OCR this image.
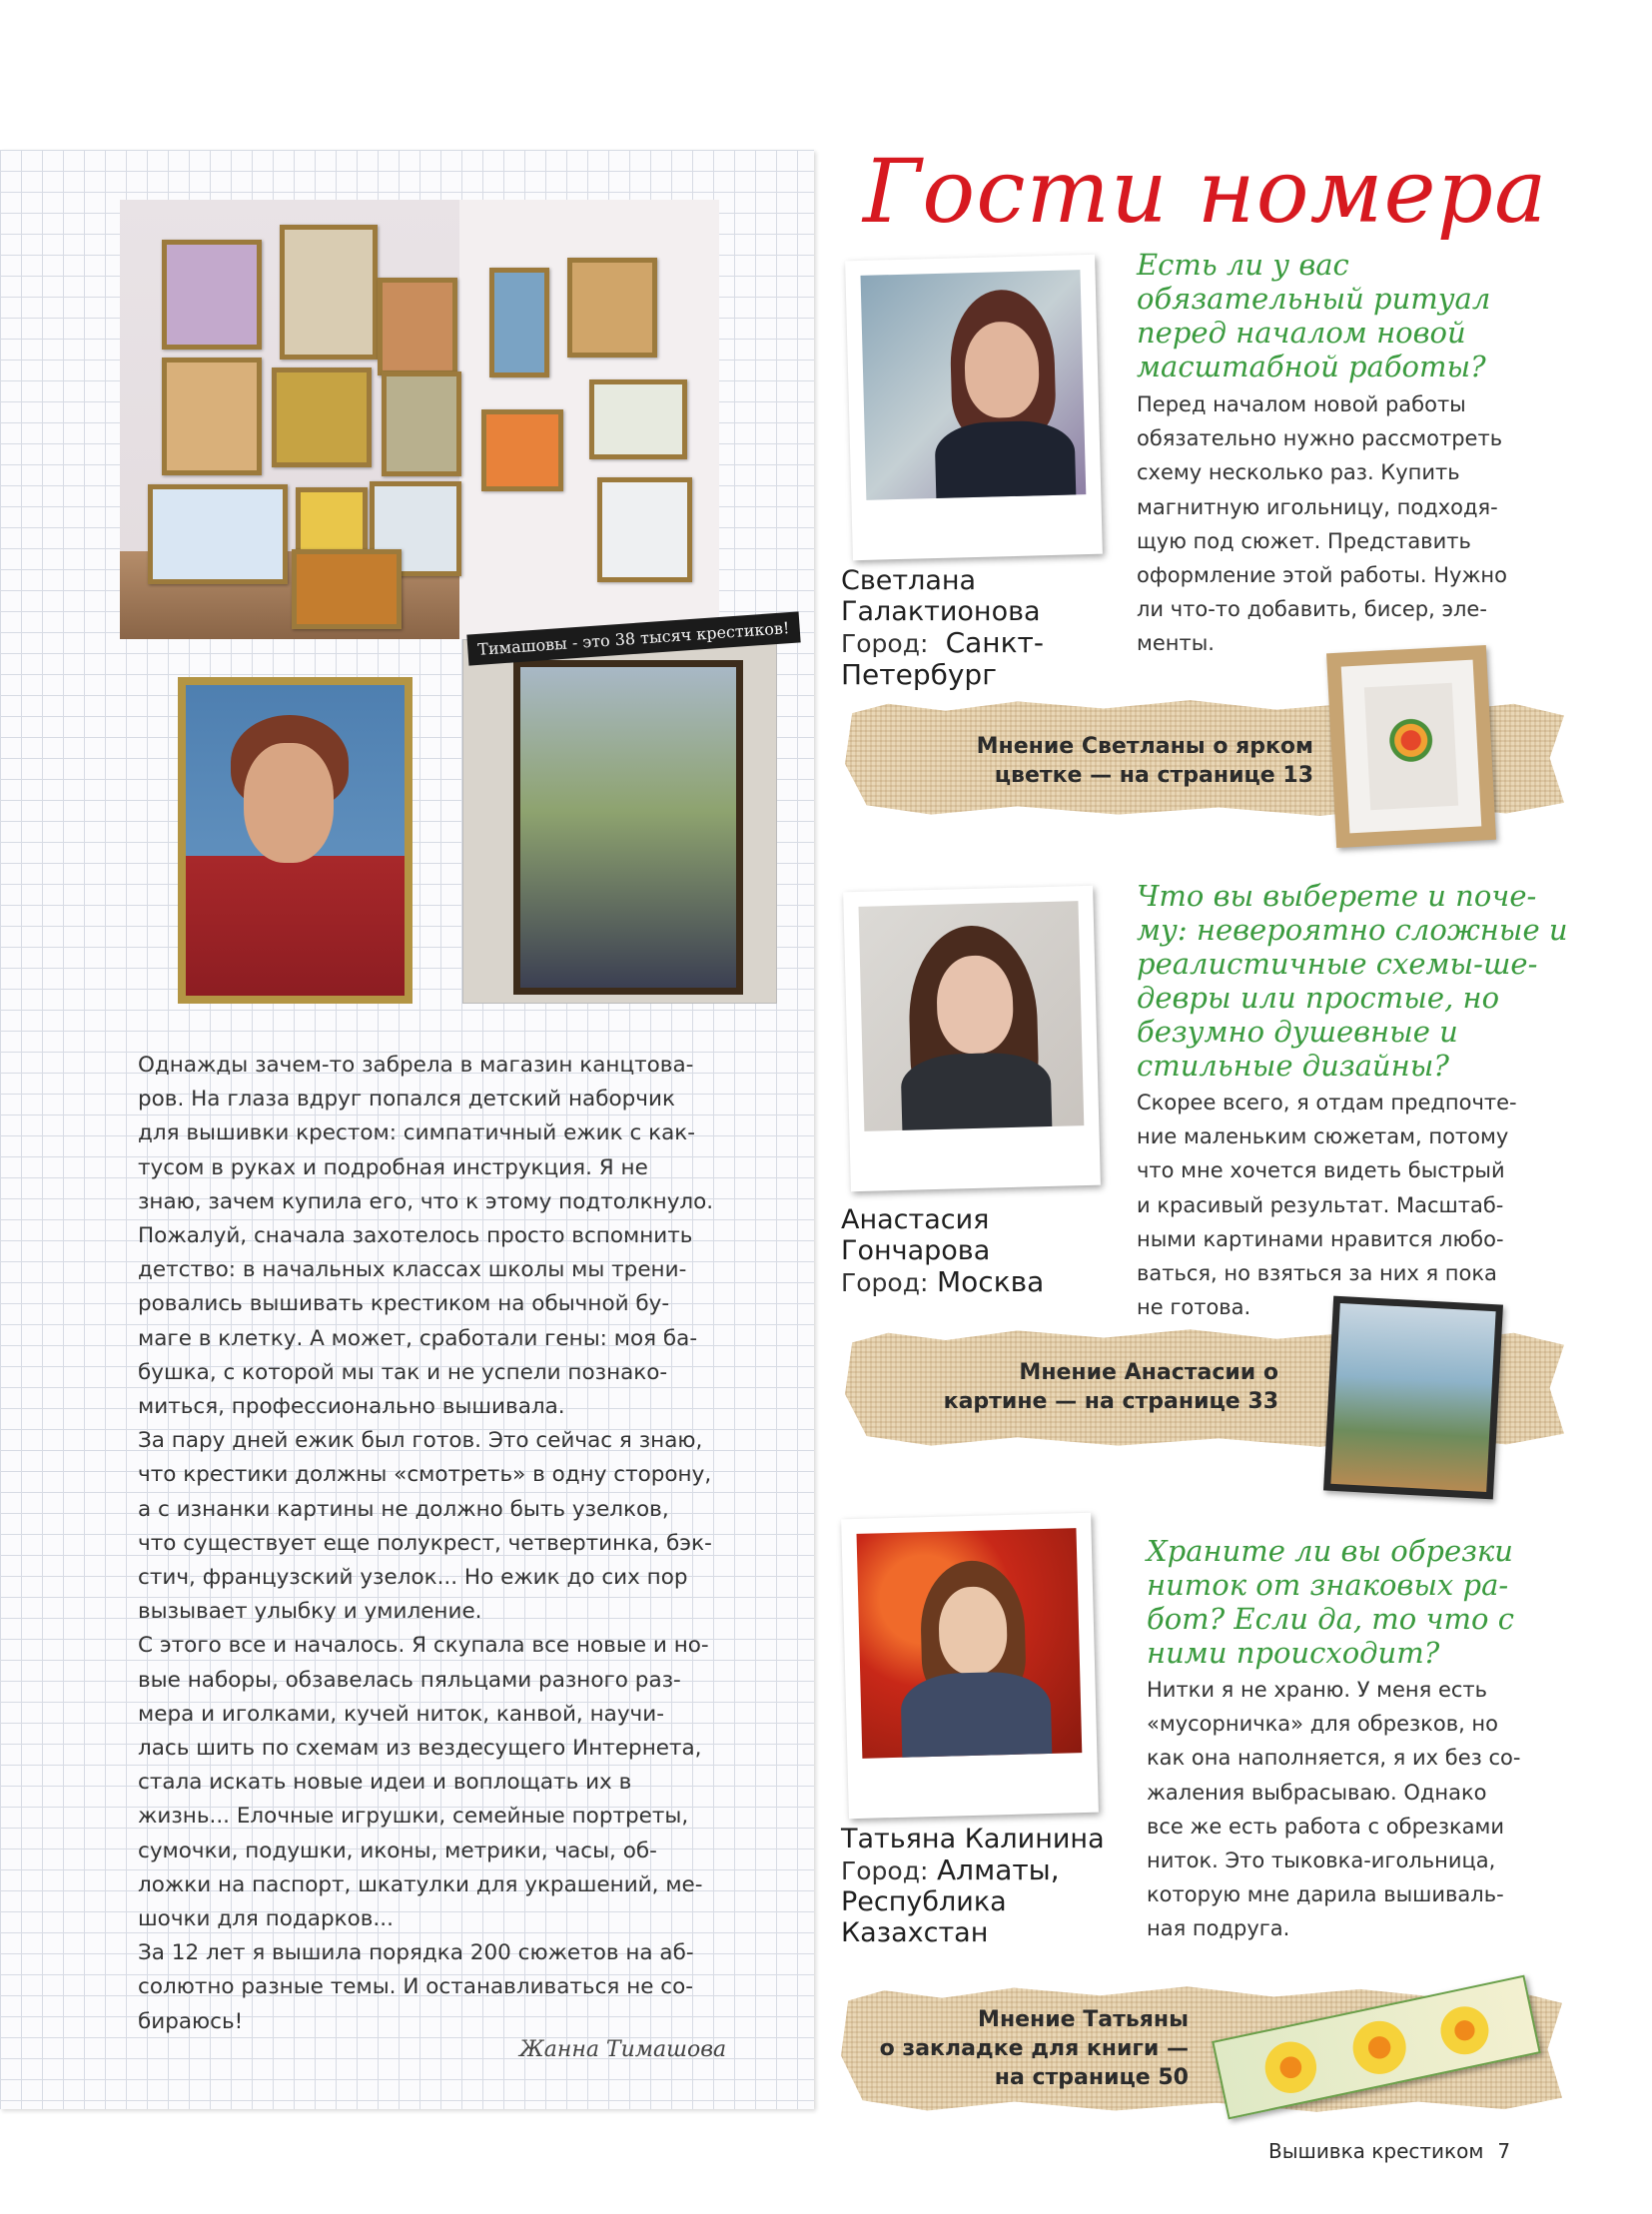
Тимашовы - это 38 тысяч крестиков!

Однажды зачем-то забрела в магазин канцтова-

ров. На глаза вдруг попался детский наборчик

для вышивки крестом: симпатичный ежик с как-

тусом в руках и подробная инструкция. Я не

знаю, зачем купила его, что к этому подтолкнуло.

Пожалуй, сначала захотелось просто вспомнить

детство: в начальных классах школы мы трени-

ровались вышивать крестиком на обычной бу-

маге в клетку. А может, сработали гены: моя ба-

бушка, с которой мы так и не успели познако-

миться, профессионально вышивала.

За пару дней ежик был готов. Это сейчас я знаю,

что крестики должны «смотреть» в одну сторону,

а с изнанки картины не должно быть узелков,

что существует еще полукрест, четвертинка, бэк-

стич, французский узелок... Но ежик до сих пор

вызывает улыбку и умиление.

С этого все и началось. Я скупала все новые и но-

вые наборы, обзавелась пяльцами разного раз-

мера и иголками, кучей ниток, канвой, научи-

лась шить по схемам из вездесущего Интернета,

стала искать новые идеи и воплощать их в

жизнь... Елочные игрушки, семейные портреты,

сумочки, подушки, иконы, метрики, часы, об-

ложки на паспорт, шкатулки для украшений, ме-

шочки для подарков...

За 12 лет я вышила порядка 200 сюжетов на аб-

солютно разные темы. И останавливаться не со-

бираюсь!

Жанна Тимашова
Гости номера
Светлана
Галактионова
Город: Санкт-
Петербург
Есть ли у вас
обязательный ритуал
перед началом новой
масштабной работы?
Перед началом новой работы
обязательно нужно рассмотреть
схему несколько раз. Купить
магнитную игольницу, подходя-
щую под сюжет. Представить
оформление этой работы. Нужно
ли что-то добавить, бисер, эле-
менты.
Мнение Светланы о ярком
цветке — на странице 13
Анастасия
Гончарова
Город: Москва
Что вы выберете и поче-
му: невероятно сложные и
реалистичные схемы-ше-
девры или простые, но
безумно душевные и
стильные дизайны?
Скорее всего, я отдам предпочте-
ние маленьким сюжетам, потому
что мне хочется видеть быстрый
и красивый результат. Масштаб-
ными картинами нравится любо-
ваться, но взяться за них я пока
не готова.
Мнение Анастасии о
картине — на странице 33
Татьяна Калинина
Город: Алматы,
Республика
Казахстан
Храните ли вы обрезки
ниток от знаковых ра-
бот? Если да, то что с
ними происходит?
Нитки я не храню. У меня есть
«мусорничка» для обрезков, но
как она наполняется, я их без со-
жаления выбрасываю. Однако
все же есть работа с обрезками
ниток. Это тыковка-игольница,
которую мне дарила вышиваль-
ная подруга.
Мнение Татьяны
о закладке для книги —
на странице 50
Вышивка крестиком 7
